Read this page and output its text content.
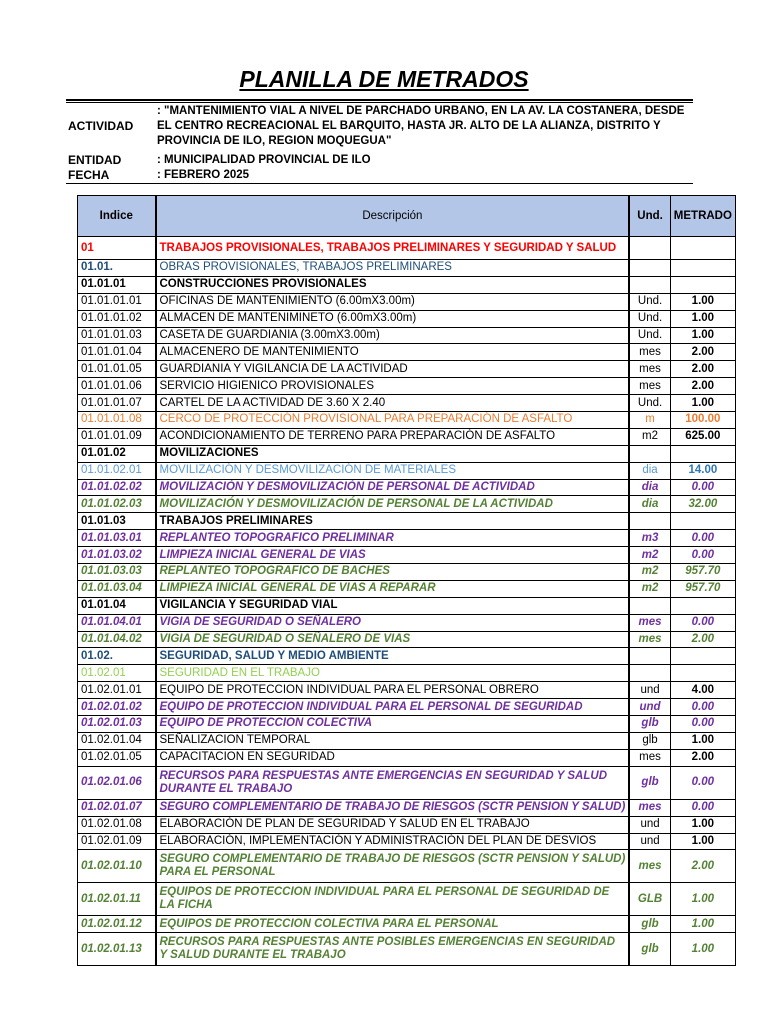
PLANILLA DE METRADOS
ACTIVIDAD
: "MANTENIMIENTO VIAL A NIVEL DE PARCHADO URBANO, EN LA AV. LA COSTANERA, DESDE EL CENTRO RECREACIONAL EL BARQUITO, HASTA JR. ALTO DE LA ALIANZA, DISTRITO Y PROVINCIA DE ILO, REGION MOQUEGUA"
ENTIDAD	: MUNICIPALIDAD PROVINCIAL DE ILO
FECHA	: FEBRERO 2025
Indice	Descripción	Und.	METRADO
01	TRABAJOS PROVISIONALES, TRABAJOS PRELIMINARES Y SEGURIDAD Y SALUD		
01.01.	OBRAS PROVISIONALES, TRABAJOS PRELIMINARES		
01.01.01	CONSTRUCCIONES PROVISIONALES		
01.01.01.01	OFICINAS DE MANTENIMIENTO (6.00mX3.00m)	Und.	1.00
01.01.01.02	ALMACEN DE MANTENIMINETO (6.00mX3.00m)	Und.	1.00
01.01.01.03	CASETA DE GUARDIANIA (3.00mX3.00m)	Und.	1.00
01.01.01.04	ALMACENERO DE MANTENIMIENTO	mes	2.00
01.01.01.05	GUARDIANIA Y VIGILANCIA DE LA ACTIVIDAD	mes	2.00
01.01.01.06	SERVICIO HIGIENICO PROVISIONALES	mes	2.00
01.01.01.07	CARTEL DE LA ACTIVIDAD DE 3.60 X 2.40	Und.	1.00
01.01.01.08	CERCO DE PROTECCIÓN PROVISIONAL PARA PREPARACIÓN DE ASFALTO	m	100.00
01.01.01.09	ACONDICIONAMIENTO DE TERRENO PARA PREPARACIÓN DE ASFALTO	m2	625.00
01.01.02	MOVILIZACIONES		
01.01.02.01	MOVILIZACIÓN Y DESMOVILIZACIÓN DE MATERIALES	dia	14.00
01.01.02.02	MOVILIZACIÓN Y DESMOVILIZACIÓN DE PERSONAL DE ACTIVIDAD	dia	0.00
01.01.02.03	MOVILIZACIÓN Y DESMOVILIZACIÓN DE PERSONAL DE LA ACTIVIDAD	dia	32.00
01.01.03	TRABAJOS PRELIMINARES		
01.01.03.01	REPLANTEO TOPOGRAFICO PRELIMINAR	m3	0.00
01.01.03.02	LIMPIEZA INICIAL GENERAL DE VIAS	m2	0.00
01.01.03.03	REPLANTEO TOPOGRAFICO DE BACHES	m2	957.70
01.01.03.04	LIMPIEZA INICIAL GENERAL DE VIAS A REPARAR	m2	957.70
01.01.04	VIGILANCIA Y SEGURIDAD VIAL		
01.01.04.01	VIGIA DE SEGURIDAD O SEÑALERO	mes	0.00
01.01.04.02	VIGIA DE SEGURIDAD O SEÑALERO DE VIAS	mes	2.00
01.02.	SEGURIDAD, SALUD Y MEDIO AMBIENTE		
01.02.01	SEGURIDAD EN EL TRABAJO		
01.02.01.01	EQUIPO DE PROTECCION INDIVIDUAL PARA EL PERSONAL OBRERO	und	4.00
01.02.01.02	EQUIPO DE PROTECCION INDIVIDUAL PARA EL PERSONAL DE SEGURIDAD	und	0.00
01.02.01.03	EQUIPO DE PROTECCION COLECTIVA	glb	0.00
01.02.01.04	SEÑALIZACION TEMPORAL	glb	1.00
01.02.01.05	CAPACITACION EN SEGURIDAD	mes	2.00
01.02.01.06	RECURSOS PARA RESPUESTAS ANTE EMERGENCIAS EN SEGURIDAD Y SALUD DURANTE EL TRABAJO	glb	0.00
01.02.01.07	SEGURO COMPLEMENTARIO DE TRABAJO DE RIESGOS (SCTR PENSION Y SALUD)	mes	0.00
01.02.01.08	ELABORACIÓN DE PLAN DE SEGURIDAD Y SALUD EN EL TRABAJO	und	1.00
01.02.01.09	ELABORACIÓN, IMPLEMENTACIÓN Y ADMINISTRACIÓN DEL PLAN DE DESVIOS	und	1.00
01.02.01.10	SEGURO COMPLEMENTARIO DE TRABAJO DE RIESGOS (SCTR PENSION Y SALUD) PARA EL PERSONAL	mes	2.00
01.02.01.11	EQUIPOS DE PROTECCION INDIVIDUAL PARA EL PERSONAL DE SEGURIDAD DE LA FICHA	GLB	1.00
01.02.01.12	EQUIPOS DE PROTECCION COLECTIVA PARA EL PERSONAL	glb	1.00
01.02.01.13	RECURSOS PARA RESPUESTAS ANTE POSIBLES EMERGENCIAS EN SEGURIDAD Y SALUD DURANTE EL TRABAJO	glb	1.00
